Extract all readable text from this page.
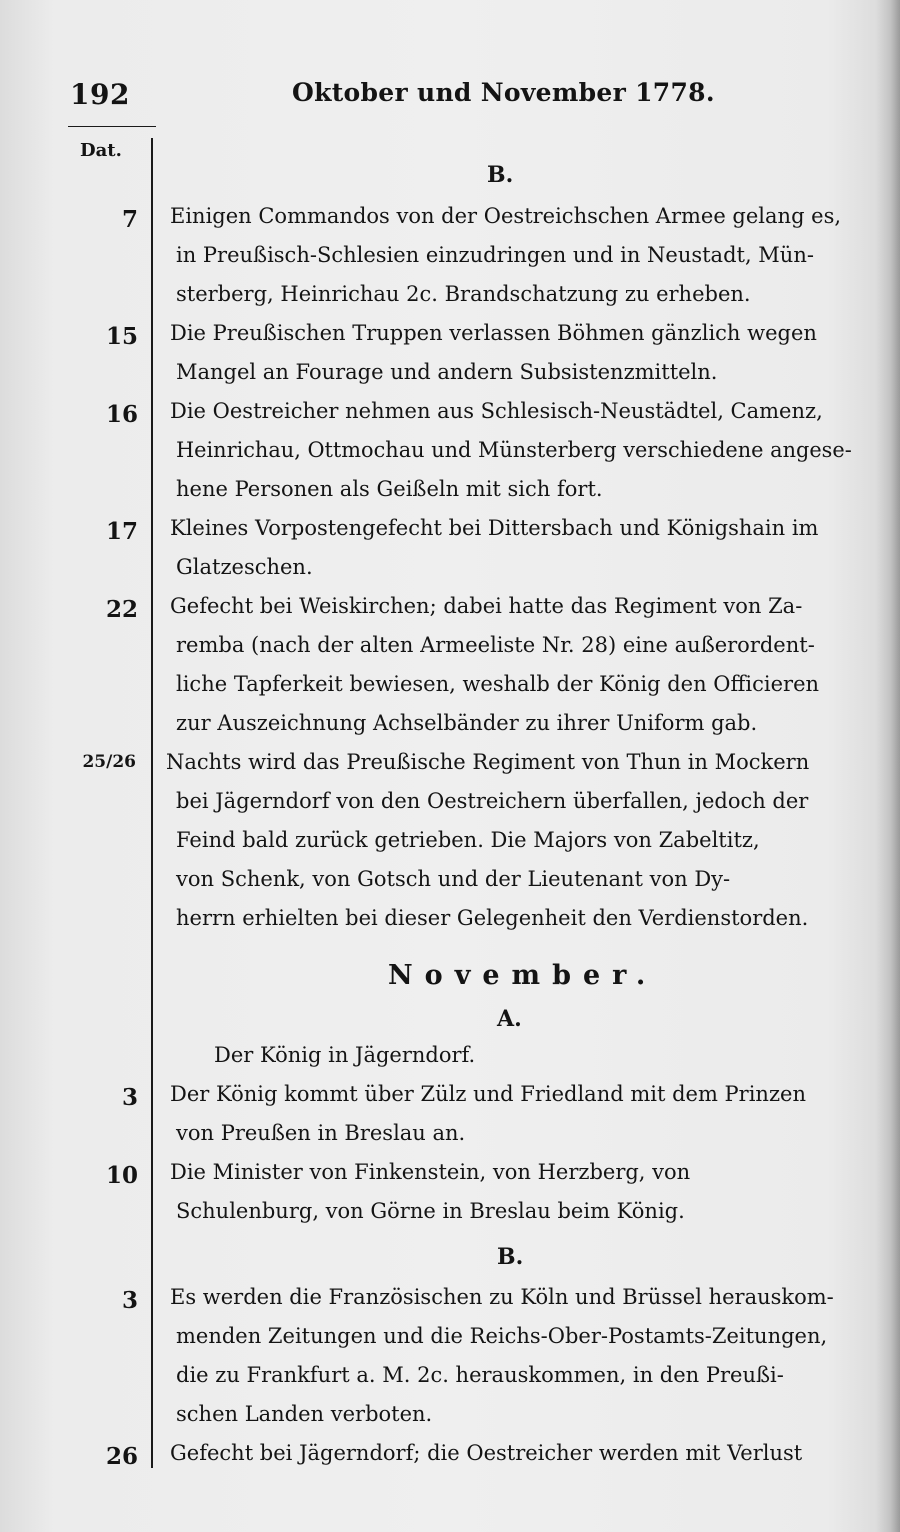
192	Oktober und November 1778.
Dat.
B.
7 Einigen Commandos von der Oestreichschen Armee gelang es,
in Preußisch-Schlesien einzudringen und in Neustadt, Mün-
sterberg, Heinrichau 2c. Brandschatzung zu erheben.
15 Die Preußischen Truppen verlassen Böhmen gänzlich wegen
Mangel an Fourage und andern Subsistenzmitteln.
16 Die Oestreicher nehmen aus Schlesisch-Neustädtel, Camenz,
Heinrichau, Ottmochau und Münsterberg verschiedene angese-
hene Personen als Geißeln mit sich fort.
17 Kleines Vorpostengefecht bei Dittersbach und Königshain im
Glatzeschen.
22 Gefecht bei Weiskirchen; dabei hatte das Regiment von Za-
remba (nach der alten Armeeliste Nr. 28) eine außerordent-
liche Tapferkeit bewiesen, weshalb der König den Officieren
zur Auszeichnung Achselbänder zu ihrer Uniform gab.
25/26 Nachts wird das Preußische Regiment von Thun in Mockern
bei Jägerndorf von den Oestreichern überfallen, jedoch der
Feind bald zurück getrieben. Die Majors von Zabeltitz,
von Schenk, von Gotsch und der Lieutenant von Dy-
herrn erhielten bei dieser Gelegenheit den Verdienstorden.
November.
A.
Der König in Jägerndorf.
3 Der König kommt über Zülz und Friedland mit dem Prinzen
von Preußen in Breslau an.
10 Die Minister von Finkenstein, von Herzberg, von
Schulenburg, von Görne in Breslau beim König.
B.
3 Es werden die Französischen zu Köln und Brüssel herauskom-
menden Zeitungen und die Reichs-Ober-Postamts-Zeitungen,
die zu Frankfurt a. M. 2c. herauskommen, in den Preußi-
schen Landen verboten.
26 Gefecht bei Jägerndorf; die Oestreicher werden mit Verlust
